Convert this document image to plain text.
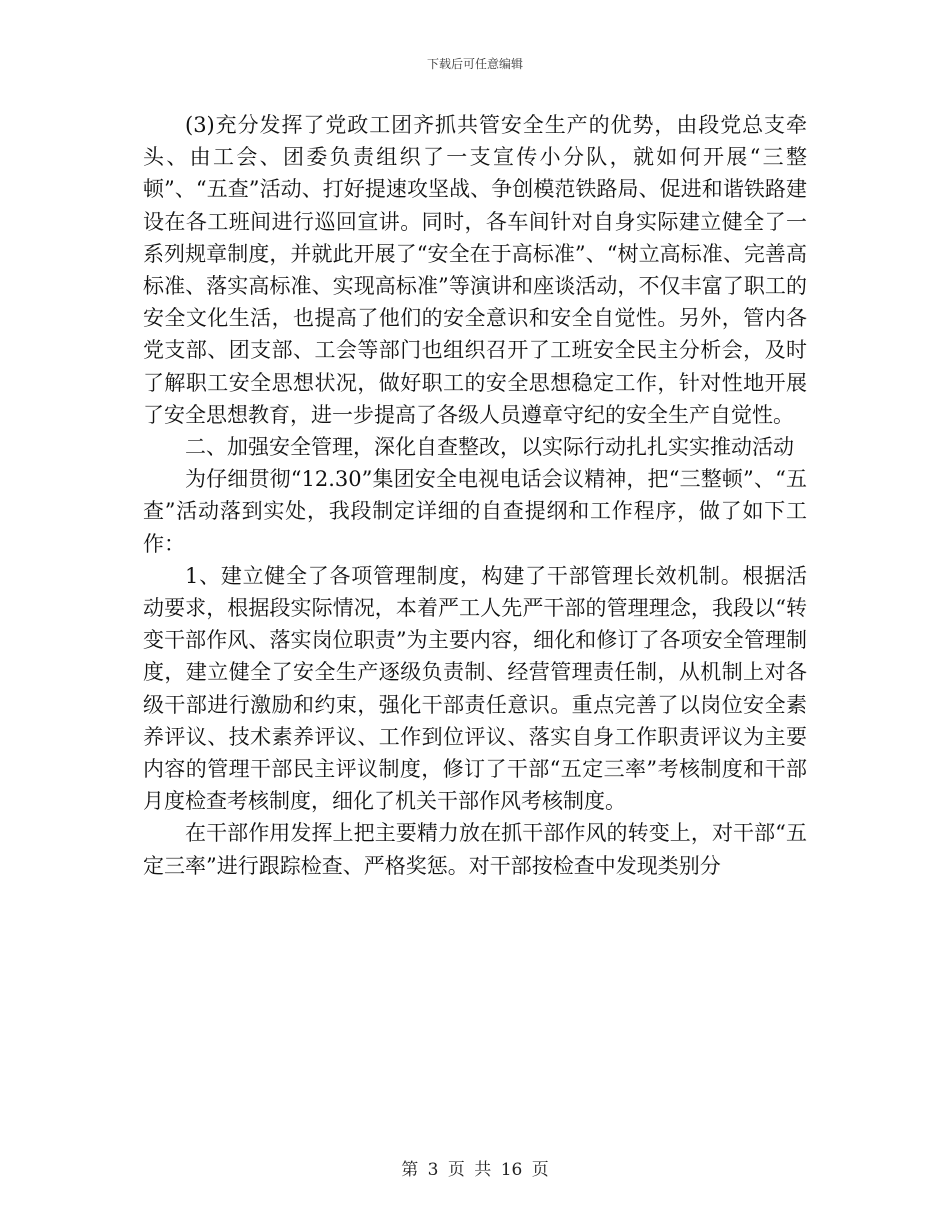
下载后可任意编辑

(3)充分发挥了党政工团齐抓共管安全生产的优势，由段党总支牵头、由工会、团委负责组织了一支宣传小分队，就如何开展“三整顿”、“五查”活动、打好提速攻坚战、争创模范铁路局、促进和谐铁路建设在各工班间进行巡回宣讲。同时，各车间针对自身实际建立健全了一系列规章制度，并就此开展了“安全在于高标准”、“树立高标准、完善高标准、落实高标准、实现高标准”等演讲和座谈活动，不仅丰富了职工的安全文化生活，也提高了他们的安全意识和安全自觉性。另外，管内各党支部、团支部、工会等部门也组织召开了工班安全民主分析会，及时了解职工安全思想状况，做好职工的安全思想稳定工作，针对性地开展了安全思想教育，进一步提高了各级人员遵章守纪的安全生产自觉性。

二、加强安全管理，深化自查整改，以实际行动扎扎实实推动活动

为仔细贯彻“12.30”集团安全电视电话会议精神，把“三整顿”、“五查”活动落到实处，我段制定详细的自查提纲和工作程序，做了如下工作：

1、建立健全了各项管理制度，构建了干部管理长效机制。根据活动要求，根据段实际情况，本着严工人先严干部的管理理念，我段以“转变干部作风、落实岗位职责”为主要内容，细化和修订了各项安全管理制度，建立健全了安全生产逐级负责制、经营管理责任制，从机制上对各级干部进行激励和约束，强化干部责任意识。重点完善了以岗位安全素养评议、技术素养评议、工作到位评议、落实自身工作职责评议为主要内容的管理干部民主评议制度，修订了干部“五定三率”考核制度和干部月度检查考核制度，细化了机关干部作风考核制度。

在干部作用发挥上把主要精力放在抓干部作风的转变上，对干部“五定三率”进行跟踪检查、严格奖惩。对干部按检查中发现类别分

第 3 页 共 16 页
